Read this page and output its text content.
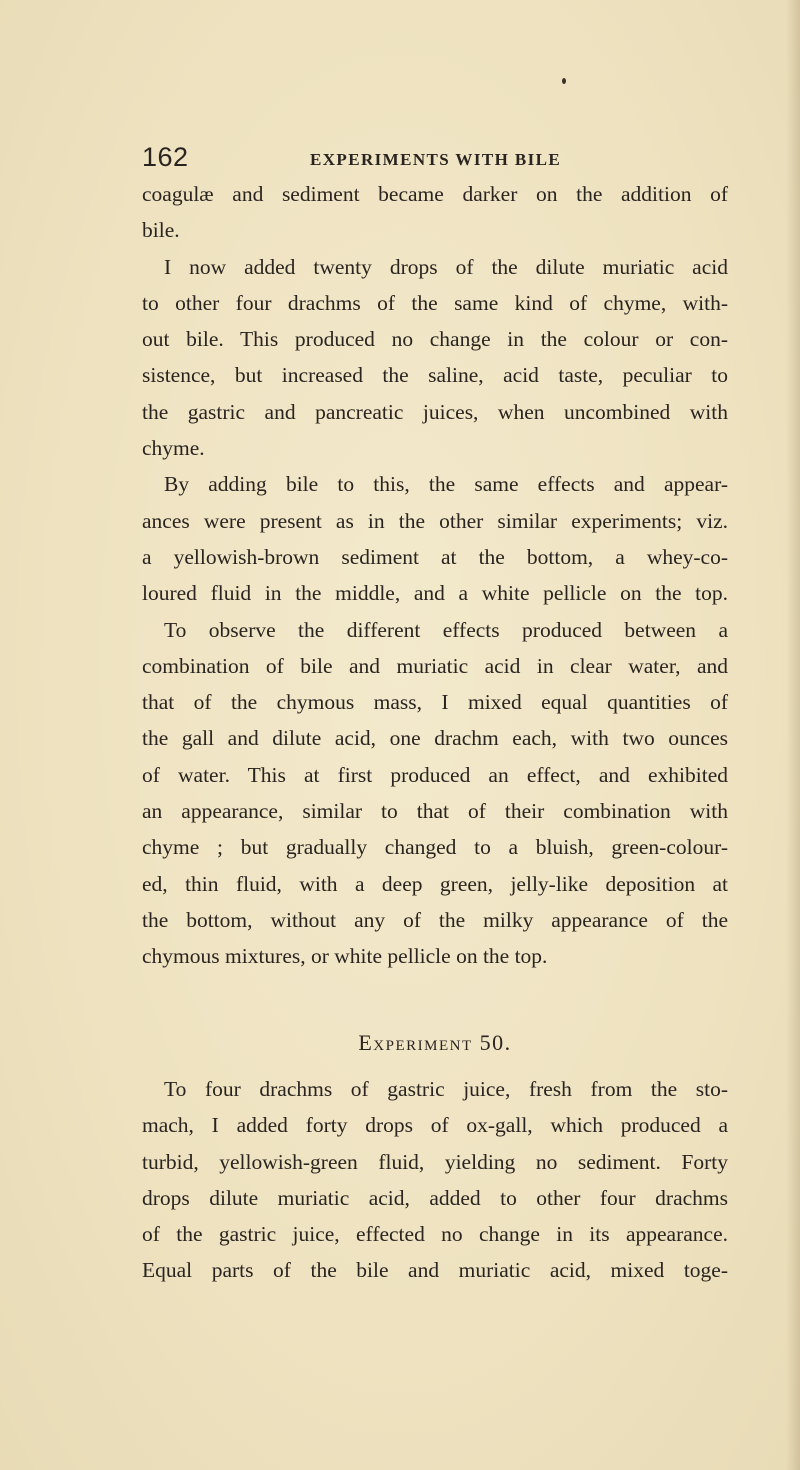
162	EXPERIMENTS WITH BILE
coagulæ and sediment became darker on the addition of
bile.
I now added twenty drops of the dilute muriatic acid
to other four drachms of the same kind of chyme, with-
out bile. This produced no change in the colour or con-
sistence, but increased the saline, acid taste, peculiar to
the gastric and pancreatic juices, when uncombined with
chyme.
By adding bile to this, the same effects and appear-
ances were present as in the other similar experiments; viz.
a yellowish-brown sediment at the bottom, a whey-co-
loured fluid in the middle, and a white pellicle on the top.
To observe the different effects produced between a
combination of bile and muriatic acid in clear water, and
that of the chymous mass, I mixed equal quantities of
the gall and dilute acid, one drachm each, with two ounces
of water. This at first produced an effect, and exhibited
an appearance, similar to that of their combination with
chyme ; but gradually changed to a bluish, green-colour-
ed, thin fluid, with a deep green, jelly-like deposition at
the bottom, without any of the milky appearance of the
chymous mixtures, or white pellicle on the top.
Experiment 50.
To four drachms of gastric juice, fresh from the sto-
mach, I added forty drops of ox-gall, which produced a
turbid, yellowish-green fluid, yielding no sediment. Forty
drops dilute muriatic acid, added to other four drachms
of the gastric juice, effected no change in its appearance.
Equal parts of the bile and muriatic acid, mixed toge-
